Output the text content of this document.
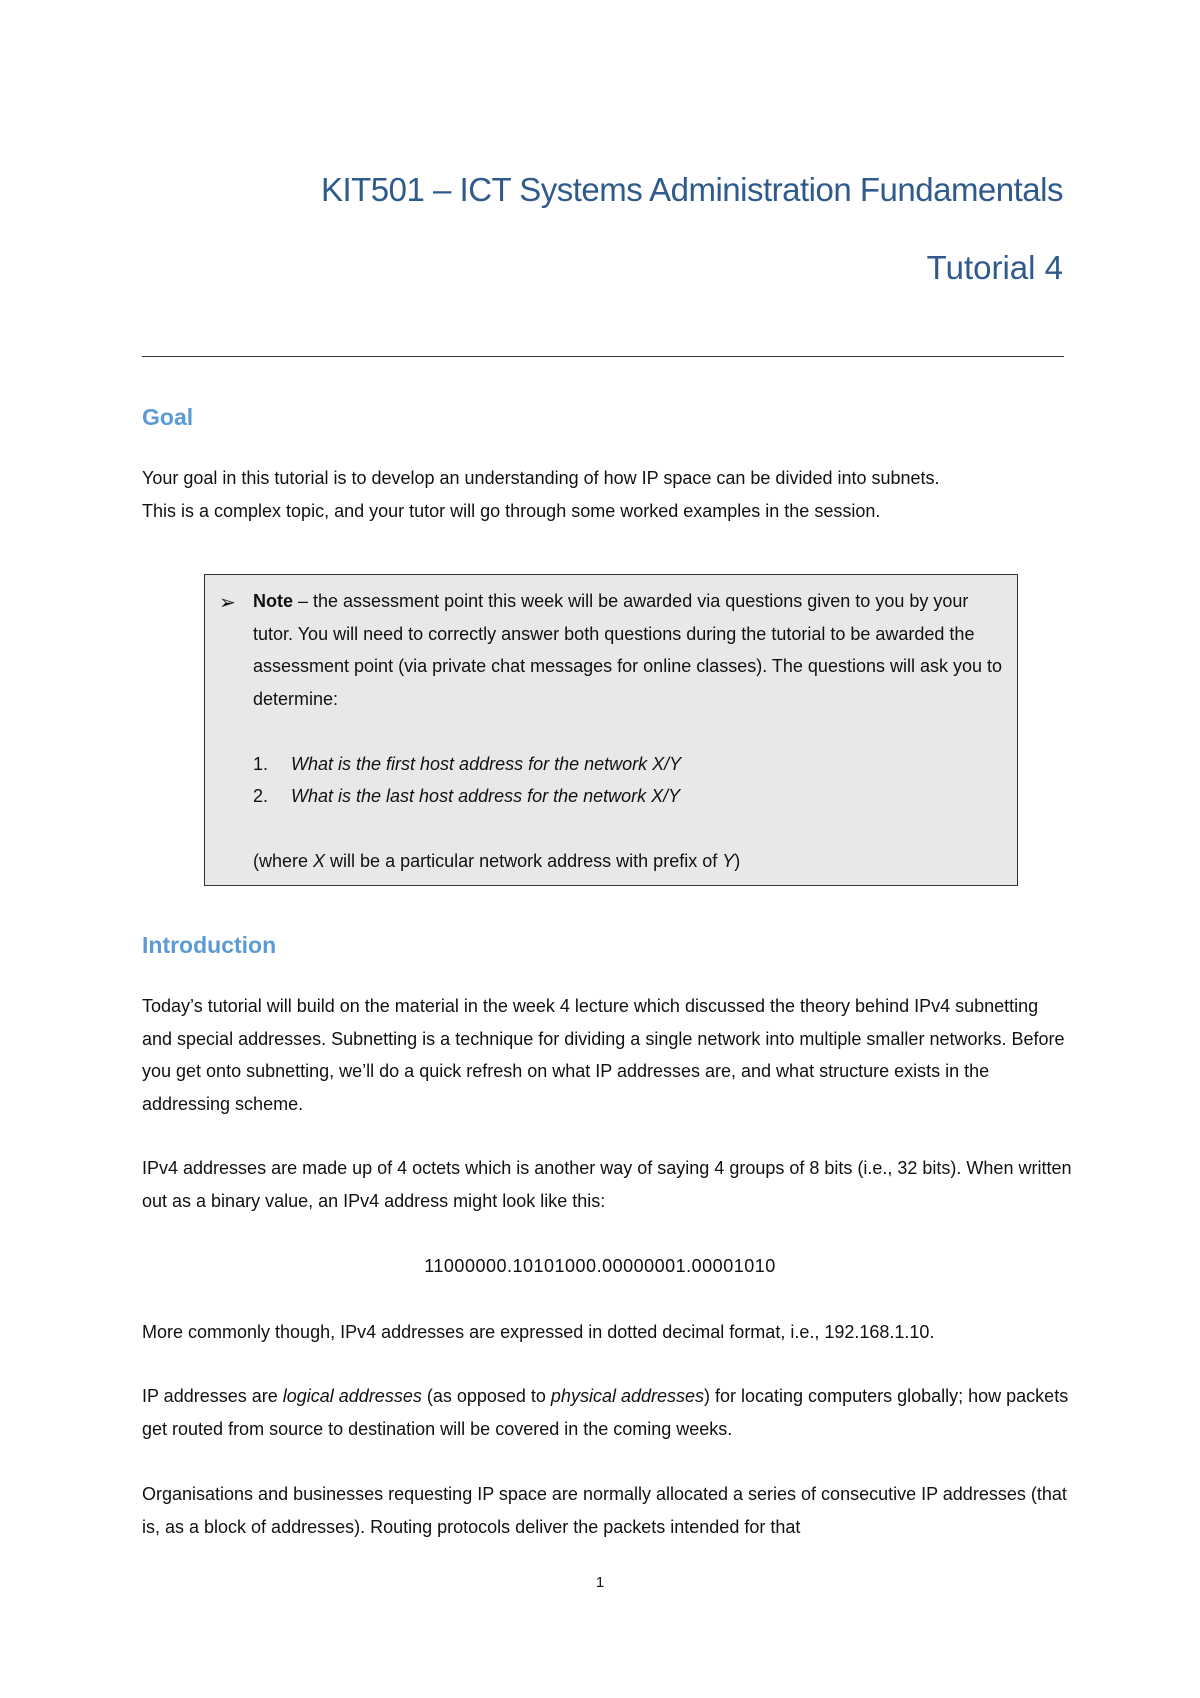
KIT501 – ICT Systems Administration Fundamentals
Tutorial 4
Goal
Your goal in this tutorial is to develop an understanding of how IP space can be divided into subnets.
This is a complex topic, and your tutor will go through some worked examples in the session.
➢ Note – the assessment point this week will be awarded via questions given to you by your tutor. You will need to correctly answer both questions during the tutorial to be awarded the assessment point (via private chat messages for online classes). The questions will ask you to determine:
1. What is the first host address for the network X/Y
2. What is the last host address for the network X/Y
(where X will be a particular network address with prefix of Y)
Introduction
Today’s tutorial will build on the material in the week 4 lecture which discussed the theory behind IPv4 subnetting and special addresses. Subnetting is a technique for dividing a single network into multiple smaller networks. Before you get onto subnetting, we’ll do a quick refresh on what IP addresses are, and what structure exists in the addressing scheme.
IPv4 addresses are made up of 4 octets which is another way of saying 4 groups of 8 bits (i.e., 32 bits). When written out as a binary value, an IPv4 address might look like this:
11000000.10101000.00000001.00001010
More commonly though, IPv4 addresses are expressed in dotted decimal format, i.e., 192.168.1.10.
IP addresses are logical addresses (as opposed to physical addresses) for locating computers globally; how packets get routed from source to destination will be covered in the coming weeks.
Organisations and businesses requesting IP space are normally allocated a series of consecutive IP addresses (that is, as a block of addresses). Routing protocols deliver the packets intended for that
1
